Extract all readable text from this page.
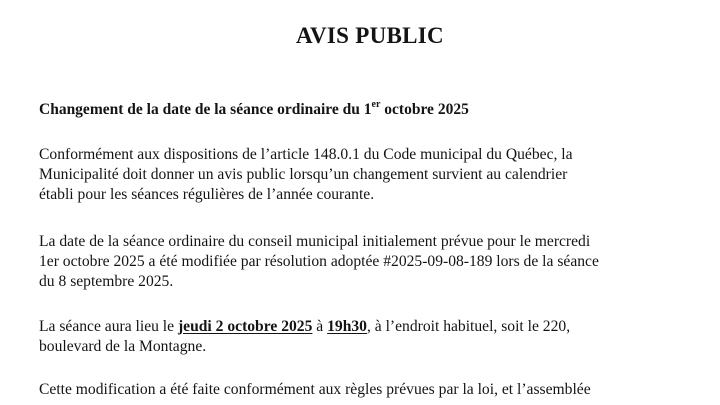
AVIS PUBLIC
Changement de la date de la séance ordinaire du 1er octobre 2025

Conformément aux dispositions de l’article 148.0.1 du Code municipal du Québec, la
Municipalité doit donner un avis public lorsqu’un changement survient au calendrier
établi pour les séances régulières de l’année courante.

La date de la séance ordinaire du conseil municipal initialement prévue pour le mercredi
1er octobre 2025 a été modifiée par résolution adoptée #2025-09-08-189 lors de la séance
du 8 septembre 2025.

La séance aura lieu le jeudi 2 octobre 2025 à 19h30, à l’endroit habituel, soit le 220,
boulevard de la Montagne.

Cette modification a été faite conformément aux règles prévues par la loi, et l’assemblée
